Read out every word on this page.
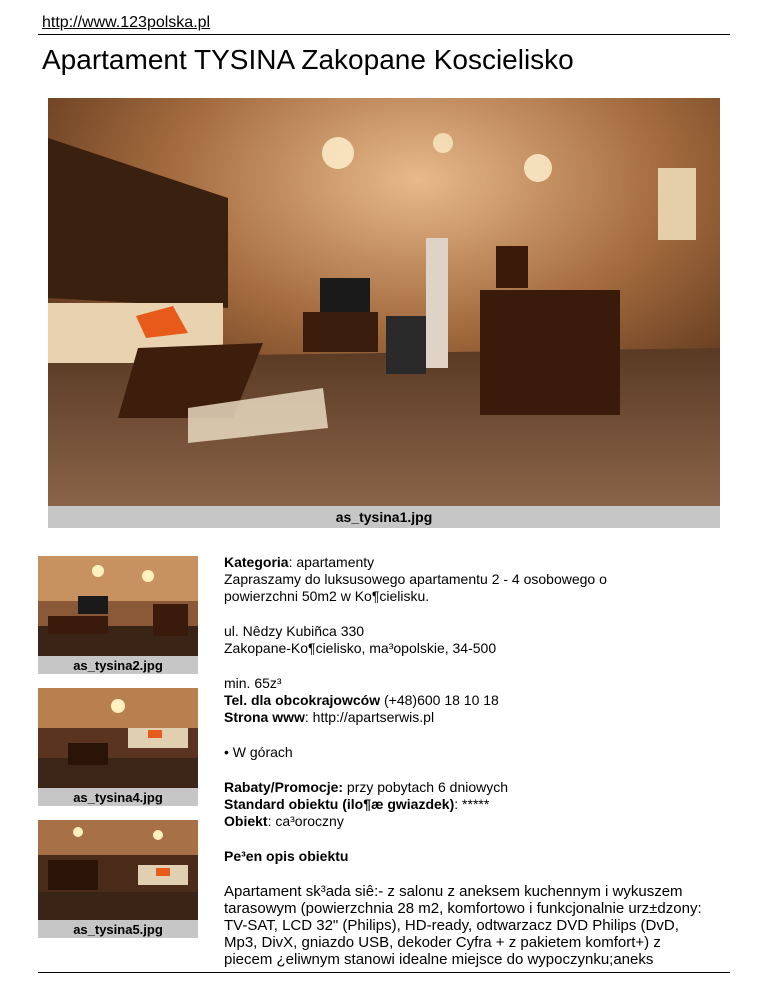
http://www.123polska.pl
Apartament TYSINA Zakopane Koscielisko
as_tysina1.jpg
as_tysina2.jpg
as_tysina4.jpg
as_tysina5.jpg

Kategoria: apartamenty

Zapraszamy do luksusowego apartamentu 2 - 4 osobowego o

powierzchni 50m2 w Ko¶cielisku.

ul. Nêdzy Kubiñca 330

Zakopane-Ko¶cielisko, ma³opolskie, 34-500

min. 65z³

Tel. dla obcokrajowców (+48)600 18 10 18

Strona www: http://apartserwis.pl

• W górach

Rabaty/Promocje: przy pobytach 6 dniowych

Standard obiektu (ilo¶æ gwiazdek): *****

Obiekt: ca³oroczny

Pe³en opis obiektu

Apartament sk³ada siê:- z salonu z aneksem kuchennym i wykuszem

tarasowym (powierzchnia 28 m2, komfortowo i funkcjonalnie urz±dzony:

TV-SAT, LCD 32" (Philips), HD-ready, odtwarzacz DVD Philips (DvD,

Mp3, DivX, gniazdo USB, dekoder Cyfra + z pakietem komfort+) z

piecem ¿eliwnym stanowi idealne miejsce do wypoczynku;aneks
